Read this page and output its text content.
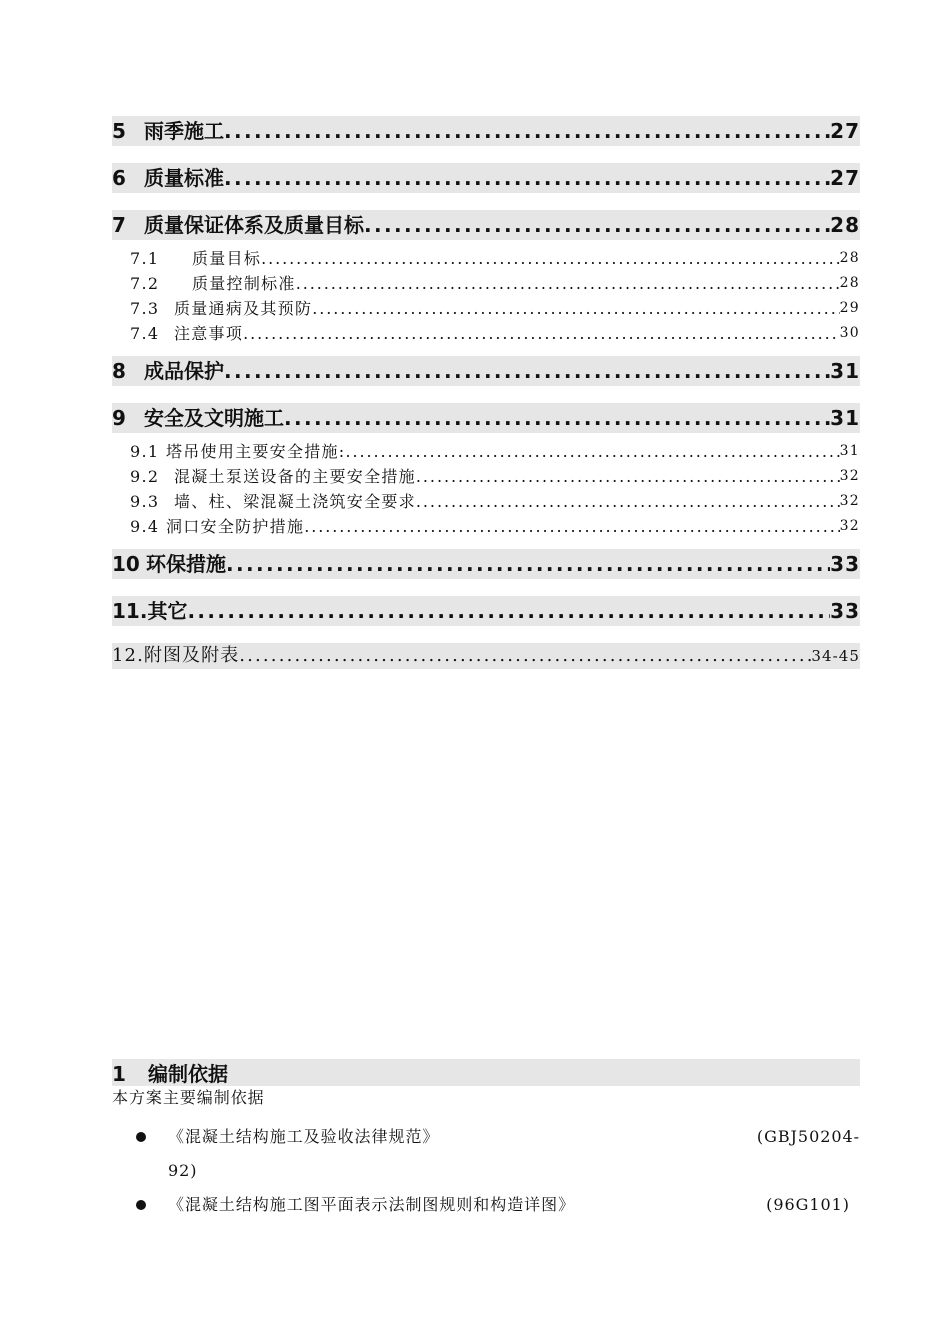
5 雨季施工 .....	27
6 质量标准 .....	27
7 质量保证体系及质量目标 .....	28
7.1	质量目标 .....	28
7.2	质量控制标准 .....	28
7.3 质量通病及其预防 .....	29
7.4 注意事项 .....	30
8 成品保护 .....	31
9 安全及文明施工 .....	31
9.1 塔吊使用主要安全措施: .....	31
9.2 混凝土泵送设备的主要安全措施 .....	32
9.3 墙、柱、梁混凝土浇筑安全要求 .....	32
9.4 洞口安全防护措施 .....	32
10 环保措施 .....	33
11. 其它 .....	33
12. 附图及附表 .....	34-45
1 编制依据
本方案主要编制依据
《混凝土结构施工及验收法律规范》	(GBJ50204-
92)
《混凝土结构施工图平面表示法制图规则和构造详图》	(96G101)
